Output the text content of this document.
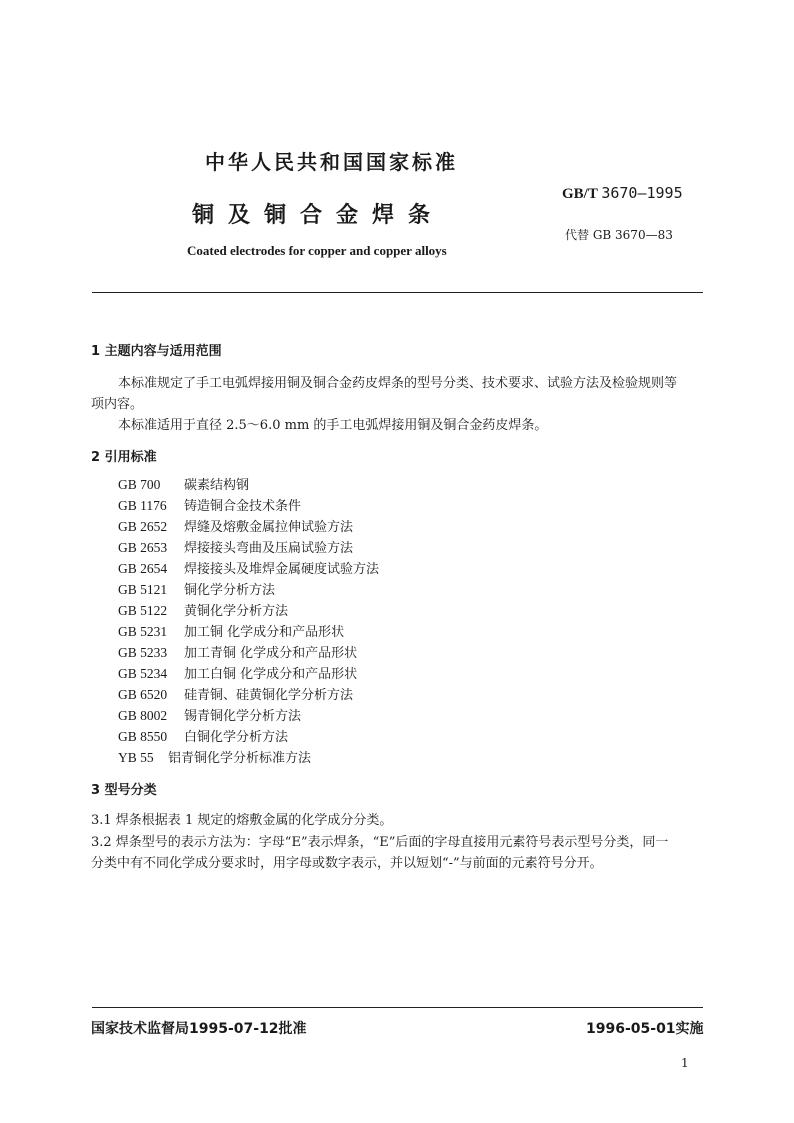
中华人民共和国国家标准
铜及铜合金焊条
Coated electrodes for copper and copper alloys
GB/T 3670—1995
代替 GB 3670—83
1 主题内容与适用范围
本标准规定了手工电弧焊接用铜及铜合金药皮焊条的型号分类、技术要求、试验方法及检验规则等
项内容。
本标准适用于直径 2.5～6.0 mm 的手工电弧焊接用铜及铜合金药皮焊条。
2 引用标准
GB 700 碳素结构钢
GB 1176 铸造铜合金技术条件
GB 2652 焊缝及熔敷金属拉伸试验方法
GB 2653 焊接接头弯曲及压扁试验方法
GB 2654 焊接接头及堆焊金属硬度试验方法
GB 5121 铜化学分析方法
GB 5122 黄铜化学分析方法
GB 5231 加工铜 化学成分和产品形状
GB 5233 加工青铜 化学成分和产品形状
GB 5234 加工白铜 化学成分和产品形状
GB 6520 硅青铜、硅黄铜化学分析方法
GB 8002 锡青铜化学分析方法
GB 8550 白铜化学分析方法
YB 55 铝青铜化学分析标准方法
3 型号分类
3.1 焊条根据表 1 规定的熔敷金属的化学成分分类。
3.2 焊条型号的表示方法为：字母“E”表示焊条，“E”后面的字母直接用元素符号表示型号分类，同一
分类中有不同化学成分要求时，用字母或数字表示，并以短划“-”与前面的元素符号分开。
国家技术监督局1995-07-12批准	1996-05-01实施
1
